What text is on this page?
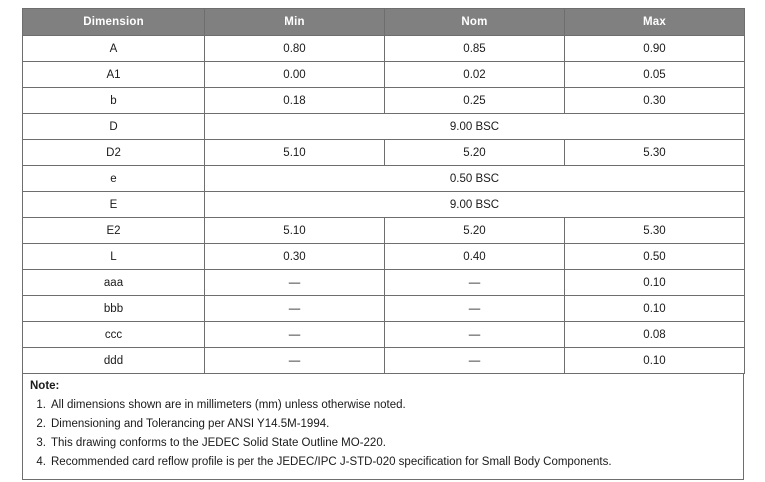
Dimension	Min	Nom	Max
A	0.80	0.85	0.90
A1	0.00	0.02	0.05
b	0.18	0.25	0.30
D	9.00 BSC		
D2	5.10	5.20	5.30
e	0.50 BSC		
E	9.00 BSC		
E2	5.10	5.20	5.30
L	0.30	0.40	0.50
aaa	—	—	0.10
bbb	—	—	0.10
ccc	—	—	0.08
ddd	—	—	0.10
Note:
1. All dimensions shown are in millimeters (mm) unless otherwise noted.
2. Dimensioning and Tolerancing per ANSI Y14.5M-1994.
3. This drawing conforms to the JEDEC Solid State Outline MO-220.
4. Recommended card reflow profile is per the JEDEC/IPC J-STD-020 specification for Small Body Components.
